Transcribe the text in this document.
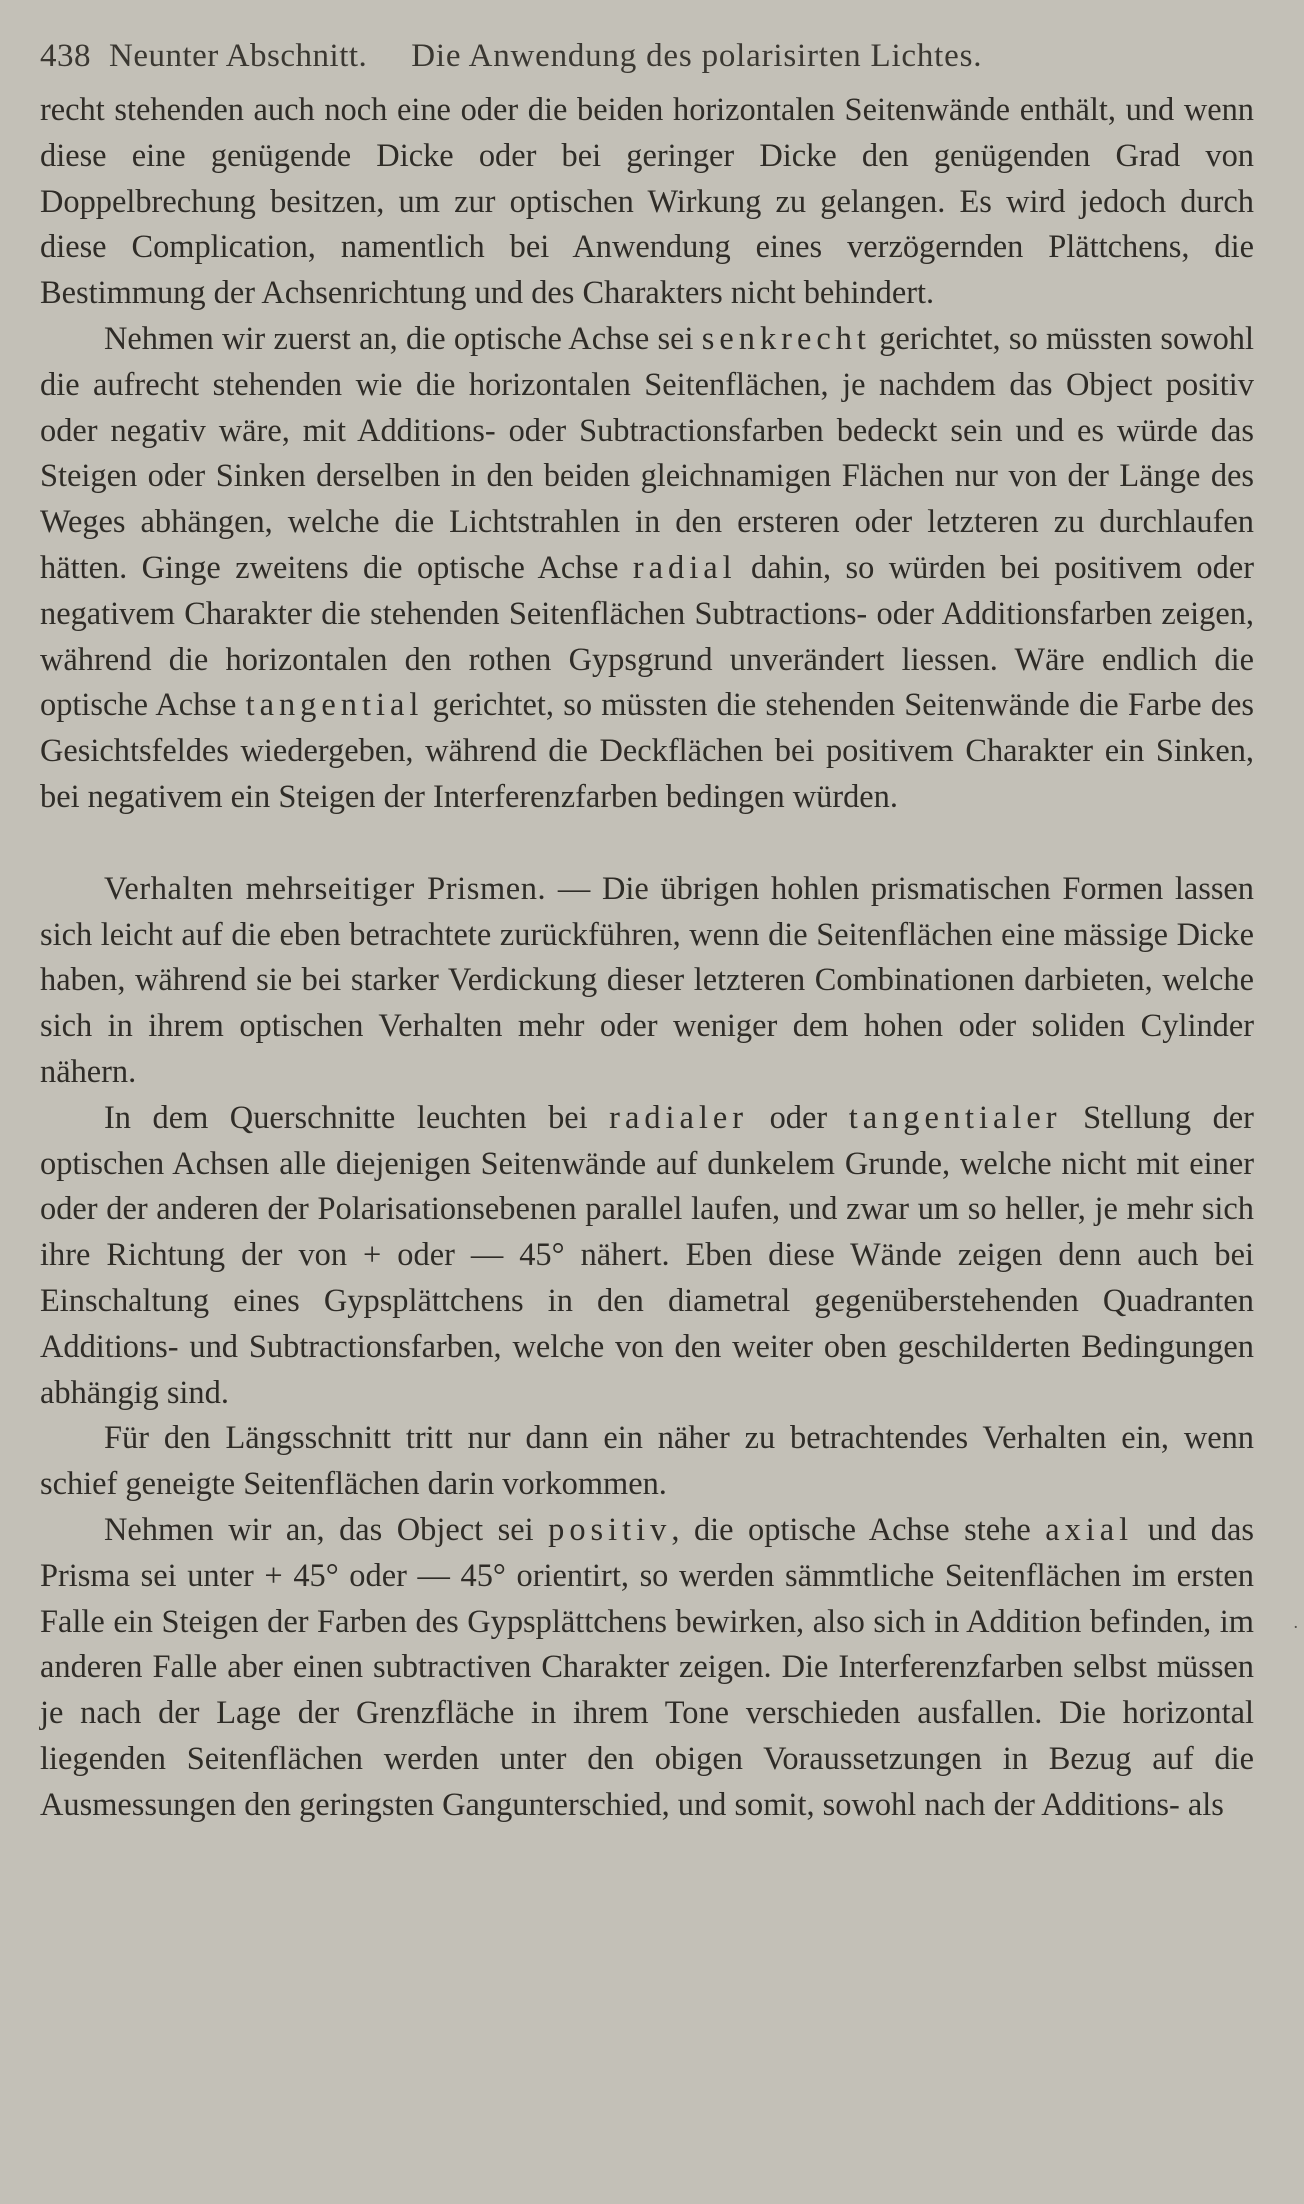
438 Neunter Abschnitt. Die Anwendung des polarisirten Lichtes.

recht stehenden auch noch eine oder die beiden horizontalen Seitenwände enthält, und wenn diese eine genügende Dicke oder bei geringer Dicke den genügenden Grad von Doppelbrechung besitzen, um zur optischen Wirkung zu gelangen. Es wird jedoch durch diese Complication, namentlich bei Anwendung eines verzögernden Plättchens, die Bestimmung der Achsenrichtung und des Charakters nicht behindert.

Nehmen wir zuerst an, die optische Achse sei senkrecht gerichtet, so müssten sowohl die aufrecht stehenden wie die horizontalen Seitenflächen, je nachdem das Object positiv oder negativ wäre, mit Additions- oder Subtractionsfarben bedeckt sein und es würde das Steigen oder Sinken derselben in den beiden gleichnamigen Flächen nur von der Länge des Weges abhängen, welche die Lichtstrahlen in den ersteren oder letzteren zu durchlaufen hätten. Ginge zweitens die optische Achse radial dahin, so würden bei positivem oder negativem Charakter die stehenden Seitenflächen Subtractions- oder Additionsfarben zeigen, während die horizontalen den rothen Gypsgrund unverändert liessen. Wäre endlich die optische Achse tangential gerichtet, so müssten die stehenden Seitenwände die Farbe des Gesichtsfeldes wiedergeben, während die Deckflächen bei positivem Charakter ein Sinken, bei negativem ein Steigen der Interferenzfarben bedingen würden.

Verhalten mehrseitiger Prismen. — Die übrigen hohlen prismatischen Formen lassen sich leicht auf die eben betrachtete zurückführen, wenn die Seitenflächen eine mässige Dicke haben, während sie bei starker Verdickung dieser letzteren Combinationen darbieten, welche sich in ihrem optischen Verhalten mehr oder weniger dem hohen oder soliden Cylinder nähern.

In dem Querschnitte leuchten bei radialer oder tangentialer Stellung der optischen Achsen alle diejenigen Seitenwände auf dunkelem Grunde, welche nicht mit einer oder der anderen der Polarisationsebenen parallel laufen, und zwar um so heller, je mehr sich ihre Richtung der von + oder — 45° nähert. Eben diese Wände zeigen denn auch bei Einschaltung eines Gypsplättchens in den diametral gegenüberstehenden Quadranten Additions- und Subtractionsfarben, welche von den weiter oben geschilderten Bedingungen abhängig sind.

Für den Längsschnitt tritt nur dann ein näher zu betrachtendes Verhalten ein, wenn schief geneigte Seitenflächen darin vorkommen.

Nehmen wir an, das Object sei positiv, die optische Achse stehe axial und das Prisma sei unter + 45° oder — 45° orientirt, so werden sämmtliche Seitenflächen im ersten Falle ein Steigen der Farben des Gypsplättchens bewirken, also sich in Addition befinden, im anderen Falle aber einen subtractiven Charakter zeigen. Die Interferenzfarben selbst müssen je nach der Lage der Grenzfläche in ihrem Tone verschieden ausfallen. Die horizontal liegenden Seitenflächen werden unter den obigen Voraussetzungen in Bezug auf die Ausmessungen den geringsten Gangunterschied, und somit, sowohl nach der Additions- als

.
